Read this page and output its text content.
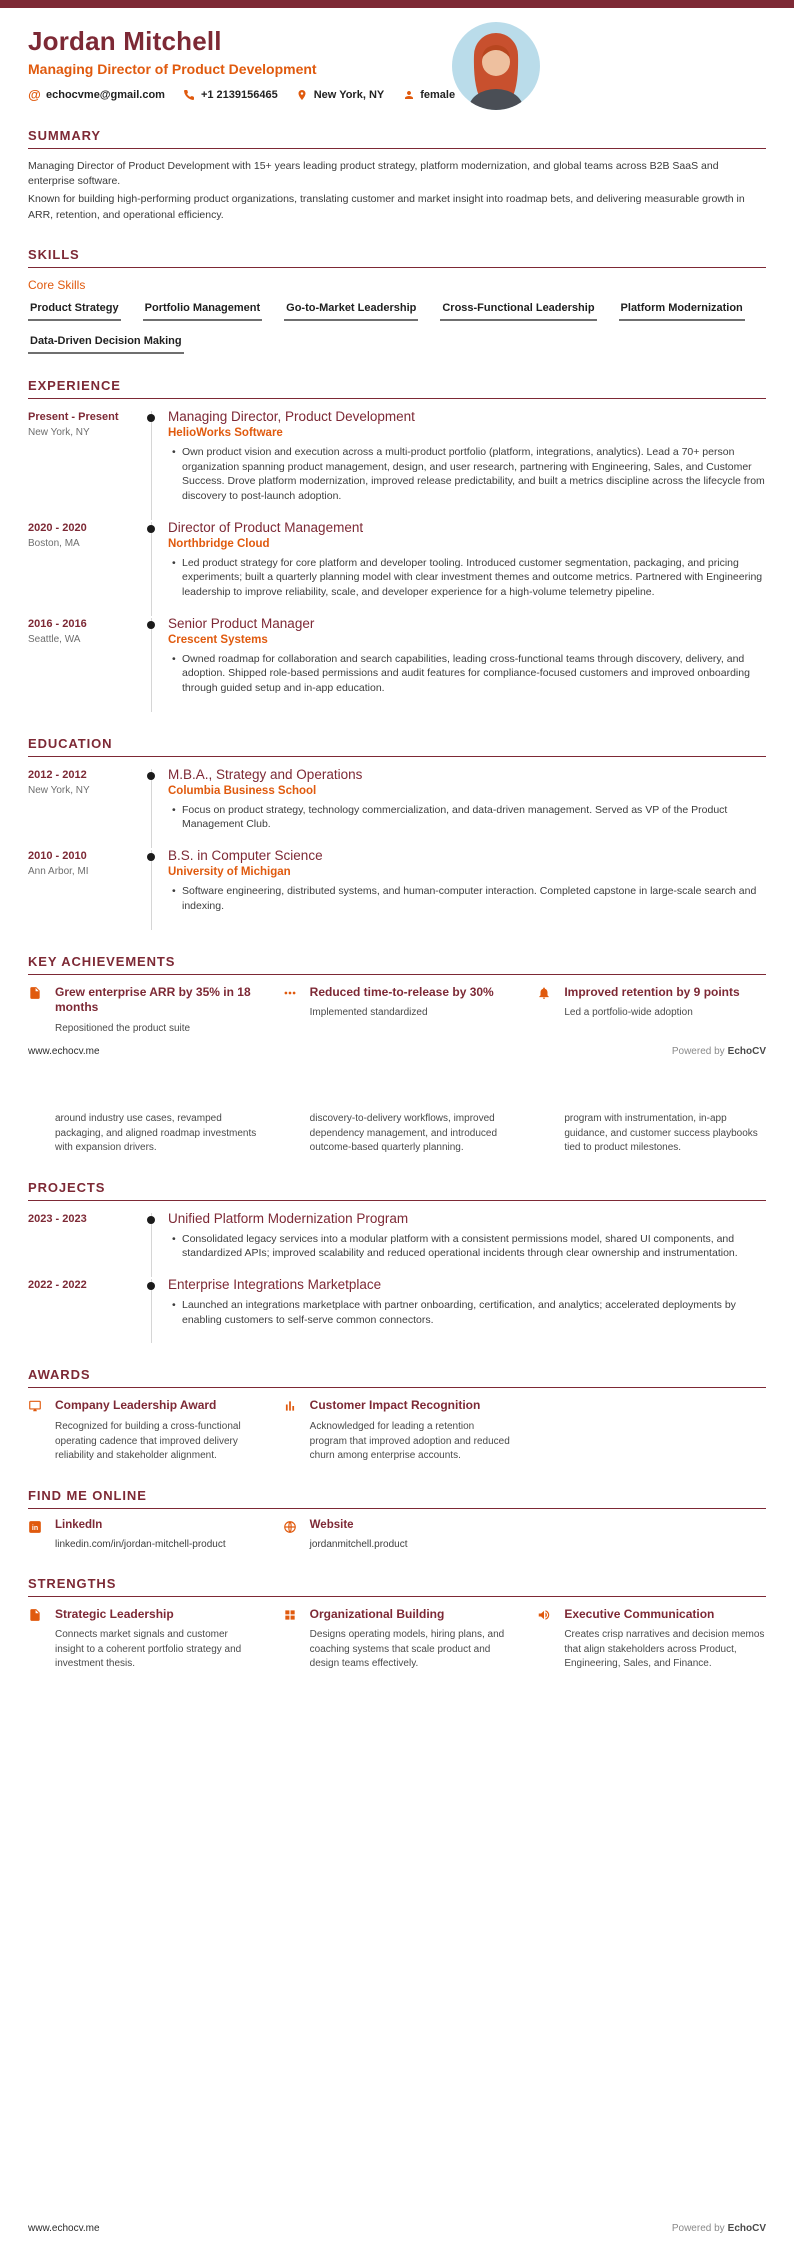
Jordan Mitchell
Managing Director of Product Development
@ echocvme@gmail.com	+1 2139156465	New York, NY	female
SUMMARY

Managing Director of Product Development with 15+ years leading product strategy, platform modernization, and global teams across B2B SaaS and enterprise software.

Known for building high-performing product organizations, translating customer and market insight into roadmap bets, and delivering measurable growth in ARR, retention, and operational efficiency.

SKILLS
Core Skills
Product Strategy Portfolio Management Go-to-Market Leadership Cross-Functional Leadership Platform Modernization
Data-Driven Decision Making
EXPERIENCE
Present - Present
New York, NY
Managing Director, Product Development
HelioWorks Software
• Own product vision and execution across a multi-product portfolio (platform, integrations, analytics). Lead a 70+ person organization spanning product management, design, and user research, partnering with Engineering, Sales, and Customer Success. Drove platform modernization, improved release predictability, and built a metrics discipline across the lifecycle from discovery to post-launch adoption.
2020 - 2020
Boston, MA
Director of Product Management
Northbridge Cloud
• Led product strategy for core platform and developer tooling. Introduced customer segmentation, packaging, and pricing experiments; built a quarterly planning model with clear investment themes and outcome metrics. Partnered with Engineering leadership to improve reliability, scale, and developer experience for a high-volume telemetry pipeline.
2016 - 2016
Seattle, WA
Senior Product Manager
Crescent Systems
• Owned roadmap for collaboration and search capabilities, leading cross-functional teams through discovery, delivery, and adoption. Shipped role-based permissions and audit features for compliance-focused customers and improved onboarding through guided setup and in-app education.
EDUCATION
2012 - 2012
New York, NY
M.B.A., Strategy and Operations
Columbia Business School
• Focus on product strategy, technology commercialization, and data-driven management. Served as VP of the Product Management Club.
2010 - 2010
Ann Arbor, MI
B.S. in Computer Science
University of Michigan
• Software engineering, distributed systems, and human-computer interaction. Completed capstone in large-scale search and indexing.
KEY ACHIEVEMENTS
Grew enterprise ARR by 35% in 18 months
Repositioned the product suite
Reduced time-to-release by 30%
Implemented standardized
Improved retention by 9 points
Led a portfolio-wide adoption
www.echocv.me	Powered by EchoCV
around industry use cases, revamped packaging, and aligned roadmap investments with expansion drivers.
discovery-to-delivery workflows, improved dependency management, and introduced outcome-based quarterly planning.
program with instrumentation, in-app guidance, and customer success playbooks tied to product milestones.
PROJECTS
2023 - 2023	Unified Platform Modernization Program
• Consolidated legacy services into a modular platform with a consistent permissions model, shared UI components, and standardized APIs; improved scalability and reduced operational incidents through clear ownership and instrumentation.
2022 - 2022	Enterprise Integrations Marketplace
• Launched an integrations marketplace with partner onboarding, certification, and analytics; accelerated deployments by enabling customers to self-serve common connectors.
AWARDS
Company Leadership Award
Recognized for building a cross-functional operating cadence that improved delivery reliability and stakeholder alignment.
Customer Impact Recognition
Acknowledged for leading a retention program that improved adoption and reduced churn among enterprise accounts.
FIND ME ONLINE
in LinkedIn
linkedin.com/in/jordan-mitchell-product
Website
jordanmitchell.product
STRENGTHS
Strategic Leadership
Connects market signals and customer insight to a coherent portfolio strategy and investment thesis.
Organizational Building
Designs operating models, hiring plans, and coaching systems that scale product and design teams effectively.
Executive Communication
Creates crisp narratives and decision memos that align stakeholders across Product, Engineering, Sales, and Finance.
www.echocv.me	Powered by EchoCV
